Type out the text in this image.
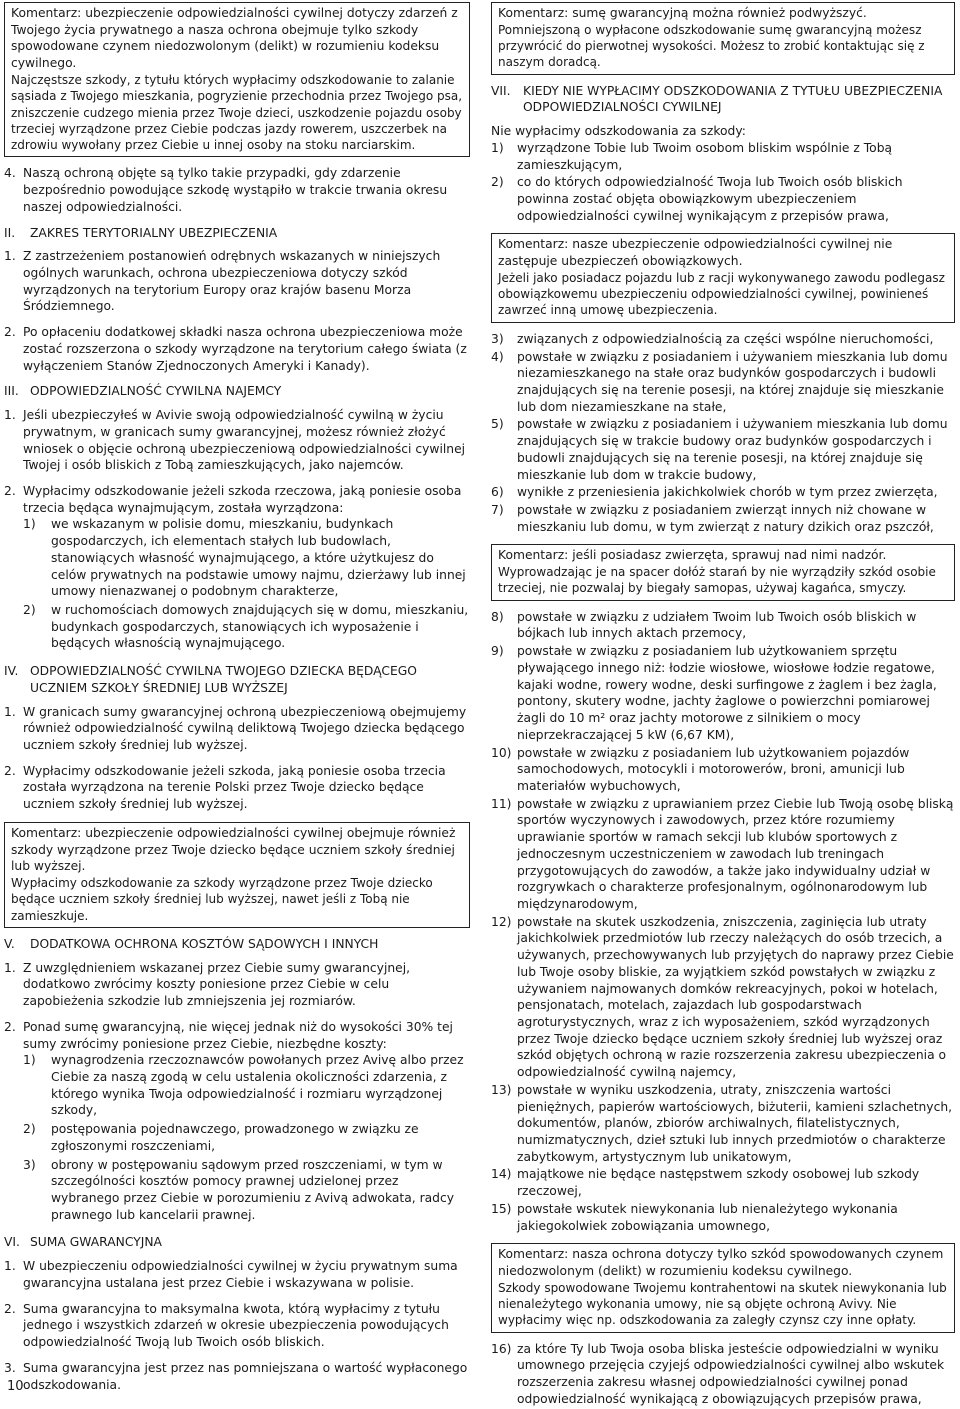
Komentarz: ubezpieczenie odpowiedzialności cywilnej dotyczy zdarzeń z Twojego życia prywatnego a nasza ochrona obejmuje tylko szkody spowodowane czynem niedozwolonym (delikt) w rozumieniu kodeksu cywilnego.

Najczęstsze szkody, z tytułu których wypłacimy odszkodowanie to zalanie sąsiada z Twojego mieszkania, pogryzienie przechodnia przez Twojego psa, zniszczenie cudzego mienia przez Twoje dzieci, uszkodzenie pojazdu osoby trzeciej wyrządzone przez Ciebie podczas jazdy rowerem, uszczerbek na zdrowiu wywołany przez Ciebie u innej osoby na stoku narciarskim.

4. Naszą ochroną objęte są tylko takie przypadki, gdy zdarzenie bezpośrednio powodujące szkodę wystąpiło w trakcie trwania okresu naszej odpowiedzialności.
II.	ZAKRES TERYTORIALNY UBEZPIECZENIA
1. Z zastrzeżeniem postanowień odrębnych wskazanych w niniejszych ogólnych warunkach, ochrona ubezpieczeniowa dotyczy szkód wyrządzonych na terytorium Europy oraz krajów basenu Morza Śródziemnego.
2. Po opłaceniu dodatkowej składki nasza ochrona ubezpieczeniowa może zostać rozszerzona o szkody wyrządzone na terytorium całego świata (z wyłączeniem Stanów Zjednoczonych Ameryki i Kanady).
III. ODPOWIEDZIALNOŚĆ CYWILNA NAJEMCY
1. Jeśli ubezpieczyłeś w Avivie swoją odpowiedzialność cywilną w życiu prywatnym, w granicach sumy gwarancyjnej, możesz również złożyć wniosek o objęcie ochroną ubezpieczeniową odpowiedzialności cywilnej Twojej i osób bliskich z Tobą zamieszkujących, jako najemców.
2. Wypłacimy odszkodowanie jeżeli szkoda rzeczowa, jaką poniesie osoba trzecia będąca wynajmującym, została wyrządzona:

1)	we wskazanym w polisie domu, mieszkaniu, budynkach gospodarczych, ich elementach stałych lub budowlach, stanowiących własność wynajmującego, a które użytkujesz do celów prywatnych na podstawie umowy najmu, dzierżawy lub innej umowy nienazwanej o podobnym charakterze,
2)	w ruchomościach domowych znajdujących się w domu, mieszkaniu, budynkach gospodarczych, stanowiących ich wyposażenie i będących własnością wynajmującego.
IV. ODPOWIEDZIALNOŚĆ CYWILNA TWOJEGO DZIECKA BĘDĄCEGO UCZNIEM SZKOŁY ŚREDNIEJ LUB WYŻSZEJ
1. W granicach sumy gwarancyjnej ochroną ubezpieczeniową obejmujemy również odpowiedzialność cywilną deliktową Twojego dziecka będącego uczniem szkoły średniej lub wyższej.
2. Wypłacimy odszkodowanie jeżeli szkoda, jaką poniesie osoba trzecia została wyrządzona na terenie Polski przez Twoje dziecko będące uczniem szkoły średniej lub wyższej.

Komentarz: ubezpieczenie odpowiedzialności cywilnej obejmuje również szkody wyrządzone przez Twoje dziecko będące uczniem szkoły średniej lub wyższej.

Wypłacimy odszkodowanie za szkody wyrządzone przez Twoje dziecko będące uczniem szkoły średniej lub wyższej, nawet jeśli z Tobą nie zamieszkuje.

V.	DODATKOWA OCHRONA KOSZTÓW SĄDOWYCH I INNYCH
1. Z uwzględnieniem wskazanej przez Ciebie sumy gwarancyjnej, dodatkowo zwrócimy koszty poniesione przez Ciebie w celu zapobieżenia szkodzie lub zmniejszenia jej rozmiarów.
2. Ponad sumę gwarancyjną, nie więcej jednak niż do wysokości 30% tej sumy zwrócimy poniesione przez Ciebie, niezbędne koszty:

1)	wynagrodzenia rzeczoznawców powołanych przez Avivę albo przez Ciebie za naszą zgodą w celu ustalenia okoliczności zdarzenia, z którego wynika Twoja odpowiedzialność i rozmiaru wyrządzonej szkody,
2)	postępowania pojednawczego, prowadzonego w związku ze zgłoszonymi roszczeniami,
3)	obrony w postępowaniu sądowym przed roszczeniami, w tym w szczególności kosztów pomocy prawnej udzielonej przez wybranego przez Ciebie w porozumieniu z Avivą adwokata, radcy prawnego lub kancelarii prawnej.
VI. SUMA GWARANCYJNA
1. W ubezpieczeniu odpowiedzialności cywilnej w życiu prywatnym suma gwarancyjna ustalana jest przez Ciebie i wskazywana w polisie.
2. Suma gwarancyjna to maksymalna kwota, którą wypłacimy z tytułu jednego i wszystkich zdarzeń w okresie ubezpieczenia powodujących odpowiedzialność Twoją lub Twoich osób bliskich.
3. Suma gwarancyjna jest przez nas pomniejszana o wartość wypłaconego odszkodowania.

Komentarz: sumę gwarancyjną można również podwyższyć.

Pomniejszoną o wypłacone odszkodowanie sumę gwarancyjną możesz przywrócić do pierwotnej wysokości. Możesz to zrobić kontaktując się z naszym doradcą.

VII.	KIEDY NIE WYPŁACIMY ODSZKODOWANIA Z TYTUŁU UBEZPIECZENIA ODPOWIEDZIALNOŚCI CYWILNEJ

Nie wypłacimy odszkodowania za szkody:

1)	wyrządzone Tobie lub Twoim osobom bliskim wspólnie z Tobą zamieszkującym,
2)	co do których odpowiedzialność Twoja lub Twoich osób bliskich powinna zostać objęta obowiązkowym ubezpieczeniem odpowiedzialności cywilnej wynikającym z przepisów prawa,

Komentarz: nasze ubezpieczenie odpowiedzialności cywilnej nie zastępuje ubezpieczeń obowiązkowych.

Jeżeli jako posiadacz pojazdu lub z racji wykonywanego zawodu podlegasz obowiązkowemu ubezpieczeniu odpowiedzialności cywilnej, powinieneś zawrzeć inną umowę ubezpieczenia.

3)	związanych z odpowiedzialnością za części wspólne nieruchomości,
4)	powstałe w związku z posiadaniem i używaniem mieszkania lub domu niezamieszkanego na stałe oraz budynków gospodarczych i budowli znajdujących się na terenie posesji, na której znajduje się mieszkanie lub dom niezamieszkane na stałe,
5)	powstałe w związku z posiadaniem i używaniem mieszkania lub domu znajdujących się w trakcie budowy oraz budynków gospodarczych i budowli znajdujących się na terenie posesji, na której znajduje się mieszkanie lub dom w trakcie budowy,
6)	wynikłe z przeniesienia jakichkolwiek chorób w tym przez zwierzęta,
7)	powstałe w związku z posiadaniem zwierząt innych niż chowane w mieszkaniu lub domu, w tym zwierząt z natury dzikich oraz pszczół,

Komentarz: jeśli posiadasz zwierzęta, sprawuj nad nimi nadzór.

Wyprowadzając je na spacer dołóż starań by nie wyrządziły szkód osobie trzeciej, nie pozwalaj by biegały samopas, używaj kagańca, smyczy.

8)	powstałe w związku z udziałem Twoim lub Twoich osób bliskich w bójkach lub innych aktach przemocy,
9)	powstałe w związku z posiadaniem lub użytkowaniem sprzętu pływającego innego niż: łodzie wiosłowe, wiosłowe łodzie regatowe, kajaki wodne, rowery wodne, deski surfingowe z żaglem i bez żagla, pontony, skutery wodne, jachty żaglowe o powierzchni pomiarowej żagli do 10 m² oraz jachty motorowe z silnikiem o mocy nieprzekraczającej 5 kW (6,67 KM),
10) powstałe w związku z posiadaniem lub użytkowaniem pojazdów samochodowych, motocykli i motorowerów, broni, amunicji lub materiałów wybuchowych,
11) powstałe w związku z uprawianiem przez Ciebie lub Twoją osobę bliską sportów wyczynowych i zawodowych, przez które rozumiemy uprawianie sportów w ramach sekcji lub klubów sportowych z jednoczesnym uczestniczeniem w zawodach lub treningach przygotowujących do zawodów, a także jako indywidualny udział w rozgrywkach o charakterze profesjonalnym, ogólnonarodowym lub międzynarodowym,
12) powstałe na skutek uszkodzenia, zniszczenia, zaginięcia lub utraty jakichkolwiek przedmiotów lub rzeczy należących do osób trzecich, a używanych, przechowywanych lub przyjętych do naprawy przez Ciebie lub Twoje osoby bliskie, za wyjątkiem szkód powstałych w związku z używaniem najmowanych domków rekreacyjnych, pokoi w hotelach, pensjonatach, motelach, zajazdach lub gospodarstwach agroturystycznych, wraz z ich wyposażeniem, szkód wyrządzonych przez Twoje dziecko będące uczniem szkoły średniej lub wyższej oraz szkód objętych ochroną w razie rozszerzenia zakresu ubezpieczenia o odpowiedzialność cywilną najemcy,
13) powstałe w wyniku uszkodzenia, utraty, zniszczenia wartości pieniężnych, papierów wartościowych, biżuterii, kamieni szlachetnych, dokumentów, planów, zbiorów archiwalnych, filatelistycznych, numizmatycznych, dzieł sztuki lub innych przedmiotów o charakterze zabytkowym, artystycznym lub unikatowym,
14) majątkowe nie będące następstwem szkody osobowej lub szkody rzeczowej,
15) powstałe wskutek niewykonania lub nienależytego wykonania jakiegokolwiek zobowiązania umownego,

Komentarz: nasza ochrona dotyczy tylko szkód spowodowanych czynem niedozwolonym (delikt) w rozumieniu kodeksu cywilnego.

Szkody spowodowane Twojemu kontrahentowi na skutek niewykonania lub nienależytego wykonania umowy, nie są objęte ochroną Avivy. Nie wypłacimy więc np. odszkodowania za zaległy czynsz czy inne opłaty.

16) za które Ty lub Twoja osoba bliska jesteście odpowiedzialni w wyniku umownego przejęcia czyjejś odpowiedzialności cywilnej albo wskutek rozszerzenia zakresu własnej odpowiedzialności cywilnej ponad odpowiedzialność wynikającą z obowiązujących przepisów prawa,
10
